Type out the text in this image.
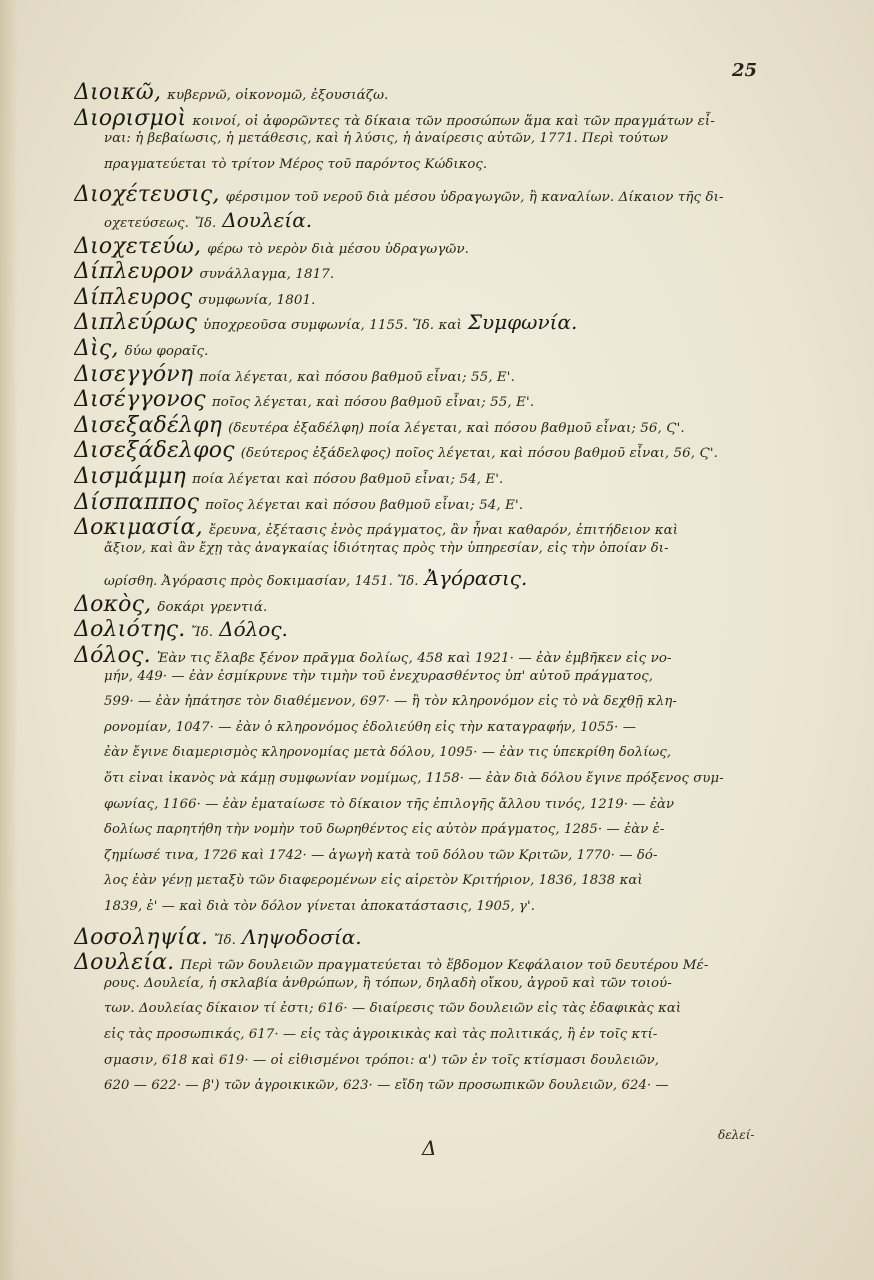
25
Διοικῶ, κυβερνῶ, οἰκονομῶ, ἐξουσιάζω.
Διορισμοὶ κοινοί, οἱ ἀφορῶντες τὰ δίκαια τῶν προσώπων ἅμα καὶ τῶν πραγμάτων εἶ-
ναι: ἡ βεβαίωσις, ἡ μετάθεσις, καὶ ἡ λύσις, ἡ ἀναίρεσις αὐτῶν, 1771. Περὶ τούτων
πραγματεύεται τὸ τρίτον Μέρος τοῦ παρόντος Κώδικος.
Διοχέτευσις, φέρσιμον τοῦ νεροῦ διὰ μέσου ὑδραγωγῶν, ἢ καναλίων. Δίκαιον τῆς δι-
οχετεύσεως. Ἴδ. Δουλεία.
Διοχετεύω, φέρω τὸ νερὸν διὰ μέσου ὑδραγωγῶν.
Δίπλευρον συνάλλαγμα, 1817.
Δίπλευρος συμφωνία, 1801.
Διπλεύρως ὑποχρεοῦσα συμφωνία, 1155. Ἴδ. καὶ Συμφωνία.
Δὶς, δύω φοραῖς.
Δισεγγόνη ποία λέγεται, καὶ πόσου βαθμοῦ εἶναι; 55, Ε'.
Δισέγγονος ποῖος λέγεται, καὶ πόσου βαθμοῦ εἶναι; 55, Ε'.
Δισεξαδέλφη (δευτέρα ἐξαδέλφη) ποία λέγεται, καὶ πόσου βαθμοῦ εἶναι; 56, Ϛ'.
Δισεξάδελφος (δεύτερος ἐξάδελφος) ποῖος λέγεται, καὶ πόσου βαθμοῦ εἶναι, 56, Ϛ'.
Δισμάμμη ποία λέγεται καὶ πόσου βαθμοῦ εἶναι; 54, Ε'.
Δίσπαππος ποῖος λέγεται καὶ πόσου βαθμοῦ εἶναι; 54, Ε'.
Δοκιμασία, ἔρευνα, ἐξέτασις ἑνὸς πράγματος, ἂν ἦναι καθαρόν, ἐπιτήδειον καὶ
ἄξιον, καὶ ἂν ἔχῃ τὰς ἀναγκαίας ἰδιότητας πρὸς τὴν ὑπηρεσίαν, εἰς τὴν ὁποίαν δι-
ωρίσθη. Ἀγόρασις πρὸς δοκιμασίαν, 1451. Ἴδ. Ἀγόρασις.
Δοκὸς, δοκάρι γρεντιά.
Δολιότης. Ἴδ. Δόλος.
Δόλος. Ἐὰν τις ἔλαβε ξένον πρᾶγμα δολίως, 458 καὶ 1921· — ἐὰν ἐμβῆκεν εἰς νο-
μήν, 449· — ἐὰν ἐσμίκρυνε τὴν τιμὴν τοῦ ἐνεχυρασθέντος ὑπ' αὐτοῦ πράγματος,
599· — ἐὰν ἠπάτησε τὸν διαθέμενον, 697· — ἢ τὸν κληρονόμον εἰς τὸ νὰ δεχθῇ κλη-
ρονομίαν, 1047· — ἐὰν ὁ κληρονόμος ἐδολιεύθη εἰς τὴν καταγραφήν, 1055· —
ἐὰν ἔγινε διαμερισμὸς κληρονομίας μετὰ δόλου, 1095· — ἐὰν τις ὑπεκρίθη δολίως,
ὅτι εἶναι ἱκανὸς νὰ κάμῃ συμφωνίαν νομίμως, 1158· — ἐὰν διὰ δόλου ἔγινε πρόξενος συμ-
φωνίας, 1166· — ἐὰν ἐματαίωσε τὸ δίκαιον τῆς ἐπιλογῆς ἄλλου τινός, 1219· — ἐὰν
δολίως παρητήθη τὴν νομὴν τοῦ δωρηθέντος εἰς αὐτὸν πράγματος, 1285· — ἐὰν ἐ-
ζημίωσέ τινα, 1726 καὶ 1742· — ἀγωγὴ κατὰ τοῦ δόλου τῶν Κριτῶν, 1770· — δό-
λος ἐὰν γένῃ μεταξὺ τῶν διαφερομένων εἰς αἱρετὸν Κριτήριον, 1836, 1838 καὶ
1839, ἑ' — καὶ διὰ τὸν δόλον γίνεται ἀποκατάστασις, 1905, γ'.
Δοσοληψία. Ἴδ. Ληψοδοσία.
Δουλεία. Περὶ τῶν δουλειῶν πραγματεύεται τὸ ἕβδομον Κεφάλαιον τοῦ δευτέρου Μέ-
ρους. Δουλεία, ἡ σκλαβία ἀνθρώπων, ἢ τόπων, δηλαδὴ οἴκου, ἀγροῦ καὶ τῶν τοιού-
των. Δουλείας δίκαιον τί ἐστι; 616· — διαίρεσις τῶν δουλειῶν εἰς τὰς ἐδαφικὰς καὶ
εἰς τὰς προσωπικάς, 617· — εἰς τὰς ἀγροικικὰς καὶ τὰς πολιτικάς, ἢ ἐν τοῖς κτί-
σμασιν, 618 καὶ 619· — οἱ εἰθισμένοι τρόποι: α') τῶν ἐν τοῖς κτίσμασι δουλειῶν,
620 — 622· — β') τῶν ἀγροικικῶν, 623· — εἴδη τῶν προσωπικῶν δουλειῶν, 624· —
Δ
δελεί-
